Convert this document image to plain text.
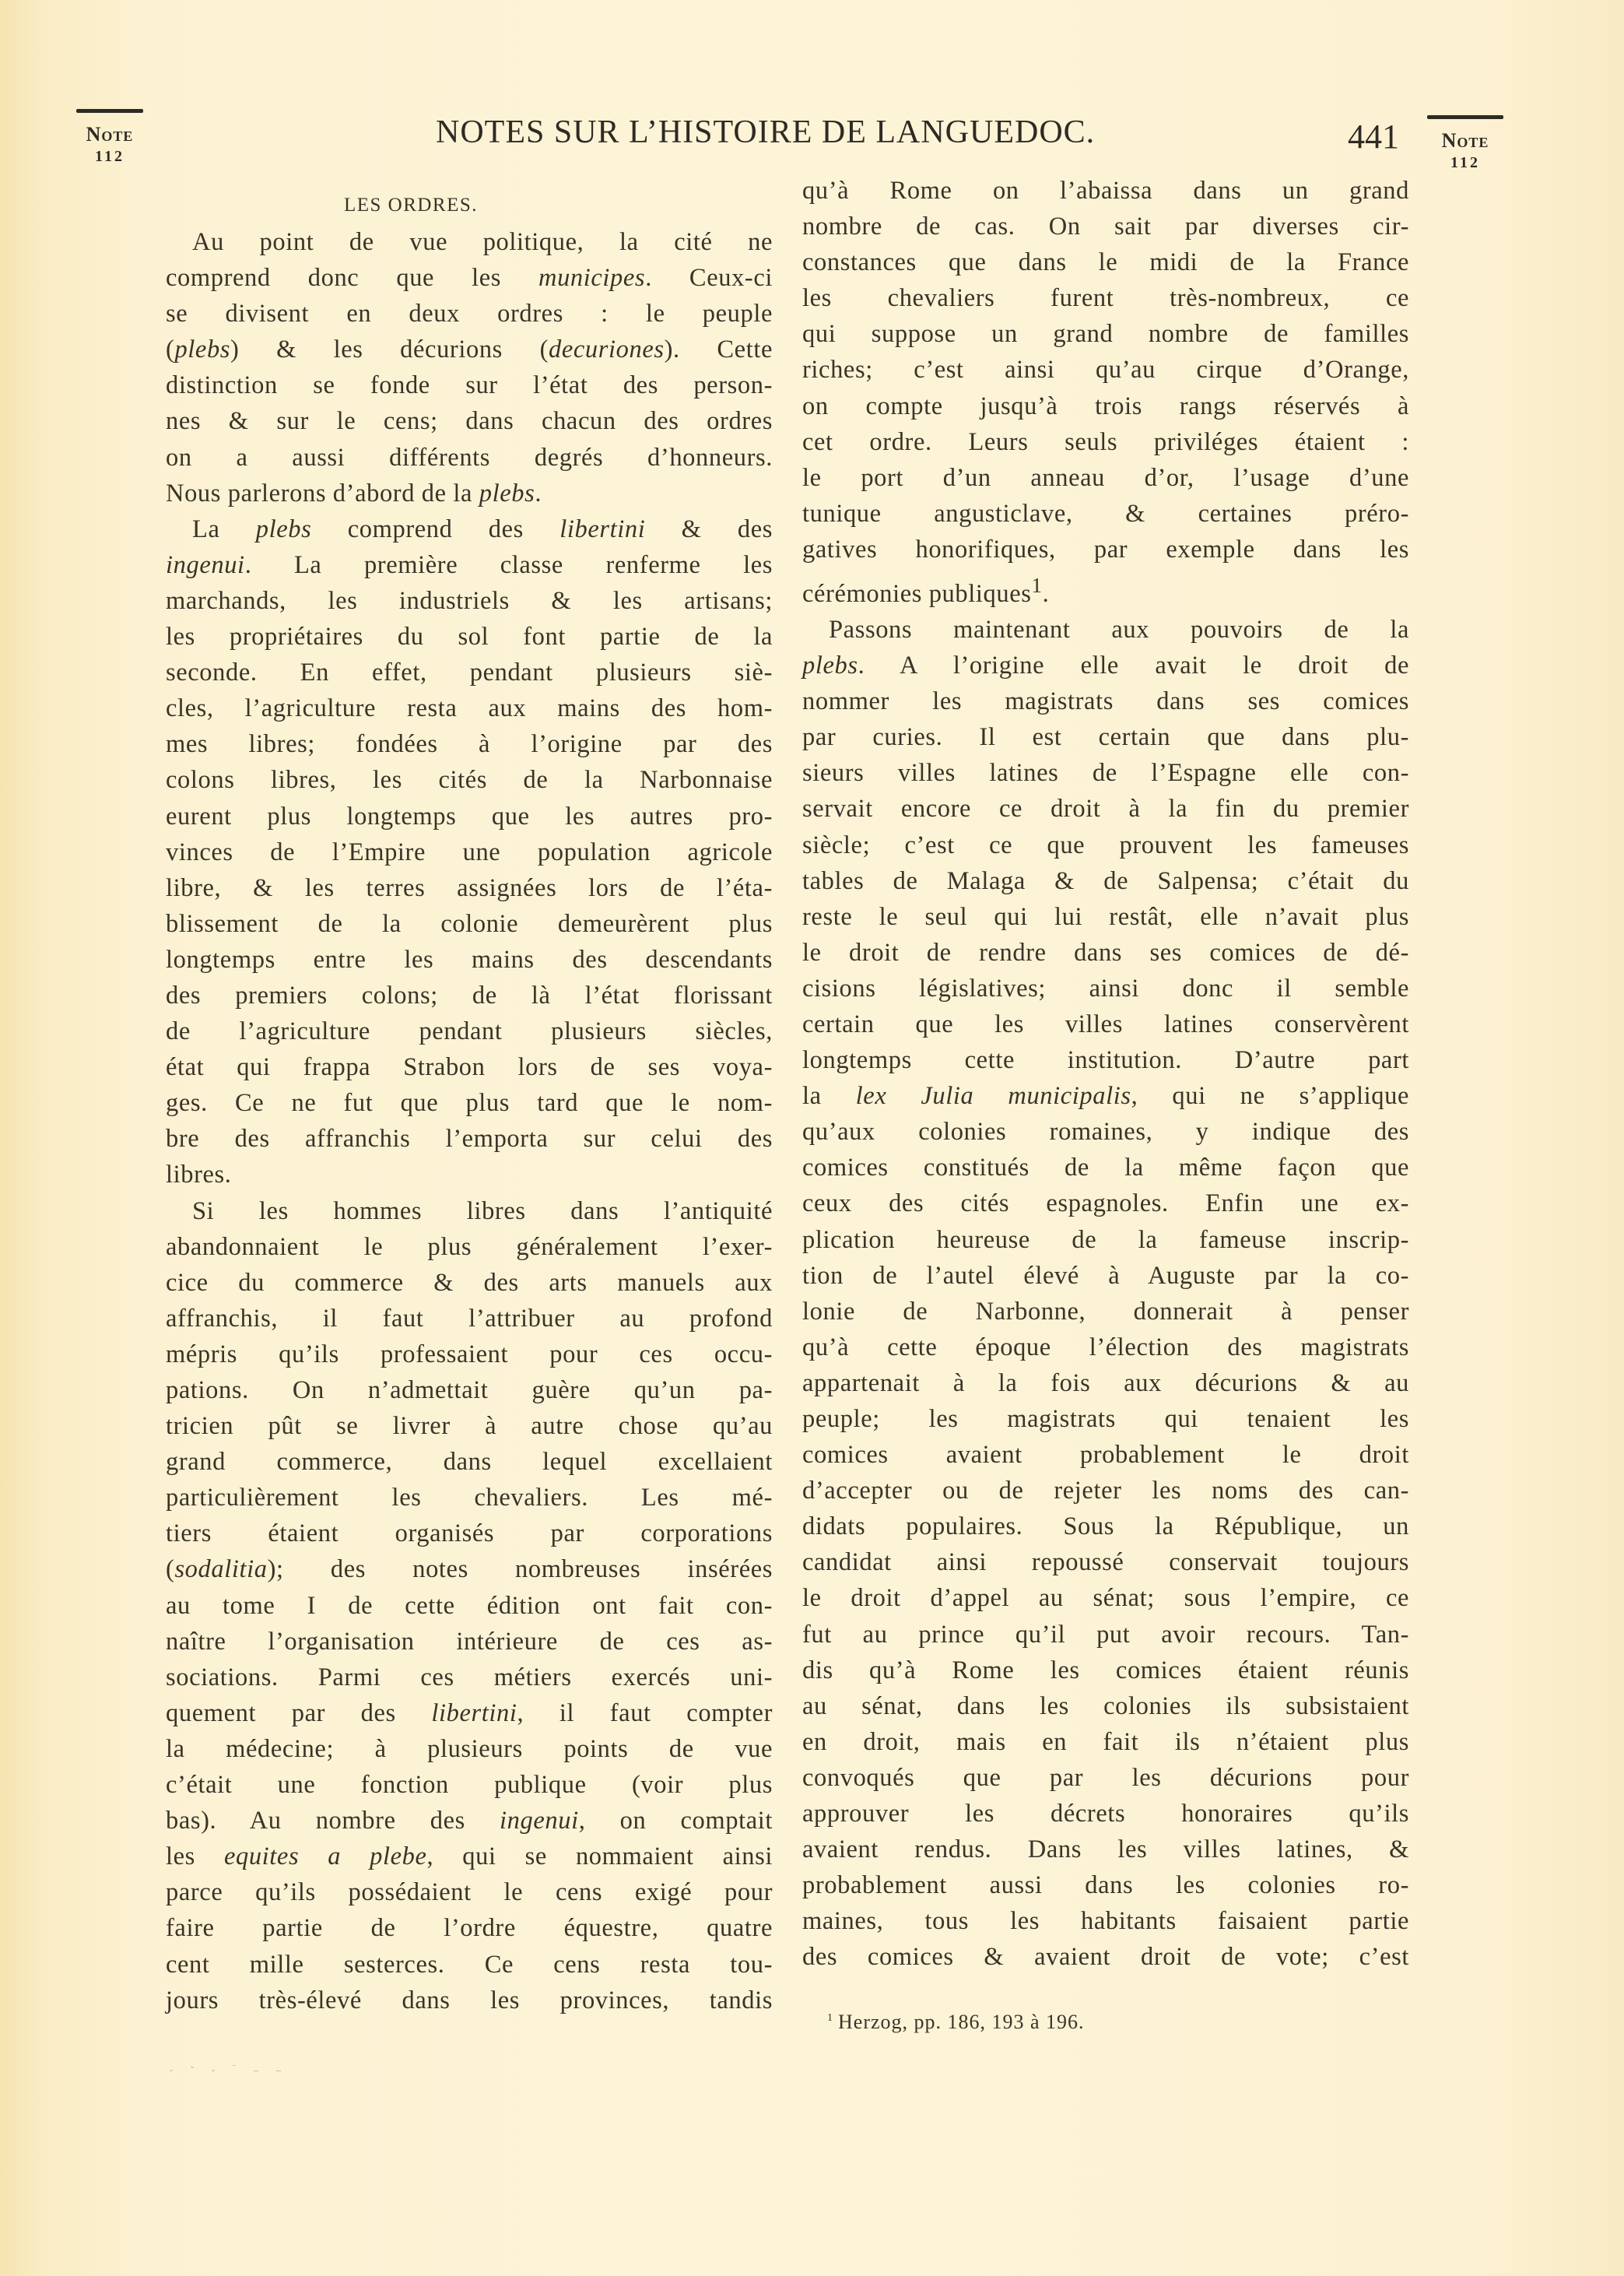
Note
112
NOTES SUR L’HISTOIRE DE LANGUEDOC.	441	Note
112
LES ORDRES.
Au point de vue politique, la cité ne
comprend donc que les municipes. Ceux-ci
se divisent en deux ordres : le peuple
(plebs) & les décurions (decuriones). Cette
distinction se fonde sur l’état des person-
nes & sur le cens; dans chacun des ordres
on a aussi différents degrés d’honneurs.
Nous parlerons d’abord de la plebs.
La plebs comprend des libertini & des
ingenui. La première classe renferme les
marchands, les industriels & les artisans;
les propriétaires du sol font partie de la
seconde. En effet, pendant plusieurs siè-
cles, l’agriculture resta aux mains des hom-
mes libres; fondées à l’origine par des
colons libres, les cités de la Narbonnaise
eurent plus longtemps que les autres pro-
vinces de l’Empire une population agricole
libre, & les terres assignées lors de l’éta-
blissement de la colonie demeurèrent plus
longtemps entre les mains des descendants
des premiers colons; de là l’état florissant
de l’agriculture pendant plusieurs siècles,
état qui frappa Strabon lors de ses voya-
ges. Ce ne fut que plus tard que le nom-
bre des affranchis l’emporta sur celui des
libres.
Si les hommes libres dans l’antiquité
abandonnaient le plus généralement l’exer-
cice du commerce & des arts manuels aux
affranchis, il faut l’attribuer au profond
mépris qu’ils professaient pour ces occu-
pations. On n’admettait guère qu’un pa-
tricien pût se livrer à autre chose qu’au
grand commerce, dans lequel excellaient
particulièrement les chevaliers. Les mé-
tiers étaient organisés par corporations
(sodalitia); des notes nombreuses insérées
au tome I de cette édition ont fait con-
naître l’organisation intérieure de ces as-
sociations. Parmi ces métiers exercés uni-
quement par des libertini, il faut compter
la médecine; à plusieurs points de vue
c’était une fonction publique (voir plus
bas). Au nombre des ingenui, on comptait
les equites a plebe, qui se nommaient ainsi
parce qu’ils possédaient le cens exigé pour
faire partie de l’ordre équestre, quatre
cent mille sesterces. Ce cens resta tou-
jours très-élevé dans les provinces, tandis
qu’à Rome on l’abaissa dans un grand
nombre de cas. On sait par diverses cir-
constances que dans le midi de la France
les chevaliers furent très-nombreux, ce
qui suppose un grand nombre de familles
riches; c’est ainsi qu’au cirque d’Orange,
on compte jusqu’à trois rangs réservés à
cet ordre. Leurs seuls priviléges étaient :
le port d’un anneau d’or, l’usage d’une
tunique angusticlave, & certaines préro-
gatives honorifiques, par exemple dans les
cérémonies publiques$^1$.
Passons maintenant aux pouvoirs de la
plebs. A l’origine elle avait le droit de
nommer les magistrats dans ses comices
par curies. Il est certain que dans plu-
sieurs villes latines de l’Espagne elle con-
servait encore ce droit à la fin du premier
siècle; c’est ce que prouvent les fameuses
tables de Malaga & de Salpensa; c’était du
reste le seul qui lui restât, elle n’avait plus
le droit de rendre dans ses comices de dé-
cisions législatives; ainsi donc il semble
certain que les villes latines conservèrent
longtemps cette institution. D’autre part
la lex Julia municipalis, qui ne s’applique
qu’aux colonies romaines, y indique des
comices constitués de la même façon que
ceux des cités espagnoles. Enfin une ex-
plication heureuse de la fameuse inscrip-
tion de l’autel élevé à Auguste par la co-
lonie de Narbonne, donnerait à penser
qu’à cette époque l’élection des magistrats
appartenait à la fois aux décurions & au
peuple; les magistrats qui tenaient les
comices avaient probablement le droit
d’accepter ou de rejeter les noms des can-
didats populaires. Sous la République, un
candidat ainsi repoussé conservait toujours
le droit d’appel au sénat; sous l’empire, ce
fut au prince qu’il put avoir recours. Tan-
dis qu’à Rome les comices étaient réunis
au sénat, dans les colonies ils subsistaient
en droit, mais en fait ils n’étaient plus
convoqués que par les décurions pour
approuver les décrets honoraires qu’ils
avaient rendus. Dans les villes latines, &
probablement aussi dans les colonies ro-
maines, tous les habitants faisaient partie
des comices & avaient droit de vote; c’est
$^1$ Herzog, pp. 186, 193 à 196.
- ˜ - ‾ ‒ ‒
